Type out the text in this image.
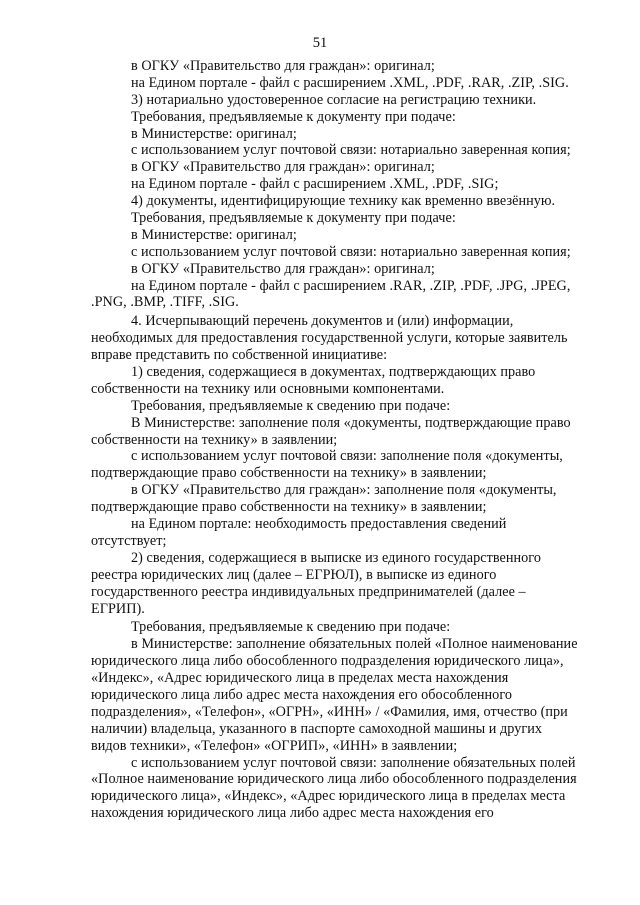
51
в ОГКУ «Правительство для граждан»: оригинал;
на Едином портале - файл с расширением .XML, .PDF, .RAR, .ZIP, .SIG.
3) нотариально удостоверенное согласие на регистрацию техники.
Требования, предъявляемые к документу при подаче:
в Министерстве: оригинал;
с использованием услуг почтовой связи: нотариально заверенная копия;
в ОГКУ «Правительство для граждан»: оригинал;
на Едином портале - файл с расширением .XML, .PDF, .SIG;
4) документы, идентифицирующие технику как временно ввезённую.
Требования, предъявляемые к документу при подаче:
в Министерстве: оригинал;
с использованием услуг почтовой связи: нотариально заверенная копия;
в ОГКУ «Правительство для граждан»: оригинал;
на Едином портале - файл с расширением .RAR, .ZIP, .PDF, .JPG, .JPEG,
.PNG, .BMP, .TIFF, .SIG.
4. Исчерпывающий перечень документов и (или) информации,
необходимых для предоставления государственной услуги, которые заявитель
вправе представить по собственной инициативе:
1) сведения, содержащиеся в документах, подтверждающих право
собственности на технику или основными компонентами.
Требования, предъявляемые к сведению при подаче:
В Министерстве: заполнение поля «документы, подтверждающие право
собственности на технику» в заявлении;
с использованием услуг почтовой связи: заполнение поля «документы,
подтверждающие право собственности на технику» в заявлении;
в ОГКУ «Правительство для граждан»: заполнение поля «документы,
подтверждающие право собственности на технику» в заявлении;
на Едином портале: необходимость предоставления сведений
отсутствует;
2) сведения, содержащиеся в выписке из единого государственного
реестра юридических лиц (далее – ЕГРЮЛ), в выписке из единого
государственного реестра индивидуальных предпринимателей (далее –
ЕГРИП).
Требования, предъявляемые к сведению при подаче:
в Министерстве: заполнение обязательных полей «Полное наименование
юридического лица либо обособленного подразделения юридического лица»,
«Индекс», «Адрес юридического лица в пределах места нахождения
юридического лица либо адрес места нахождения его обособленного
подразделения», «Телефон», «ОГРН», «ИНН» / «Фамилия, имя, отчество (при
наличии) владельца, указанного в паспорте самоходной машины и других
видов техники», «Телефон» «ОГРИП», «ИНН» в заявлении;
с использованием услуг почтовой связи: заполнение обязательных полей
«Полное наименование юридического лица либо обособленного подразделения
юридического лица», «Индекс», «Адрес юридического лица в пределах места
нахождения юридического лица либо адрес места нахождения его
